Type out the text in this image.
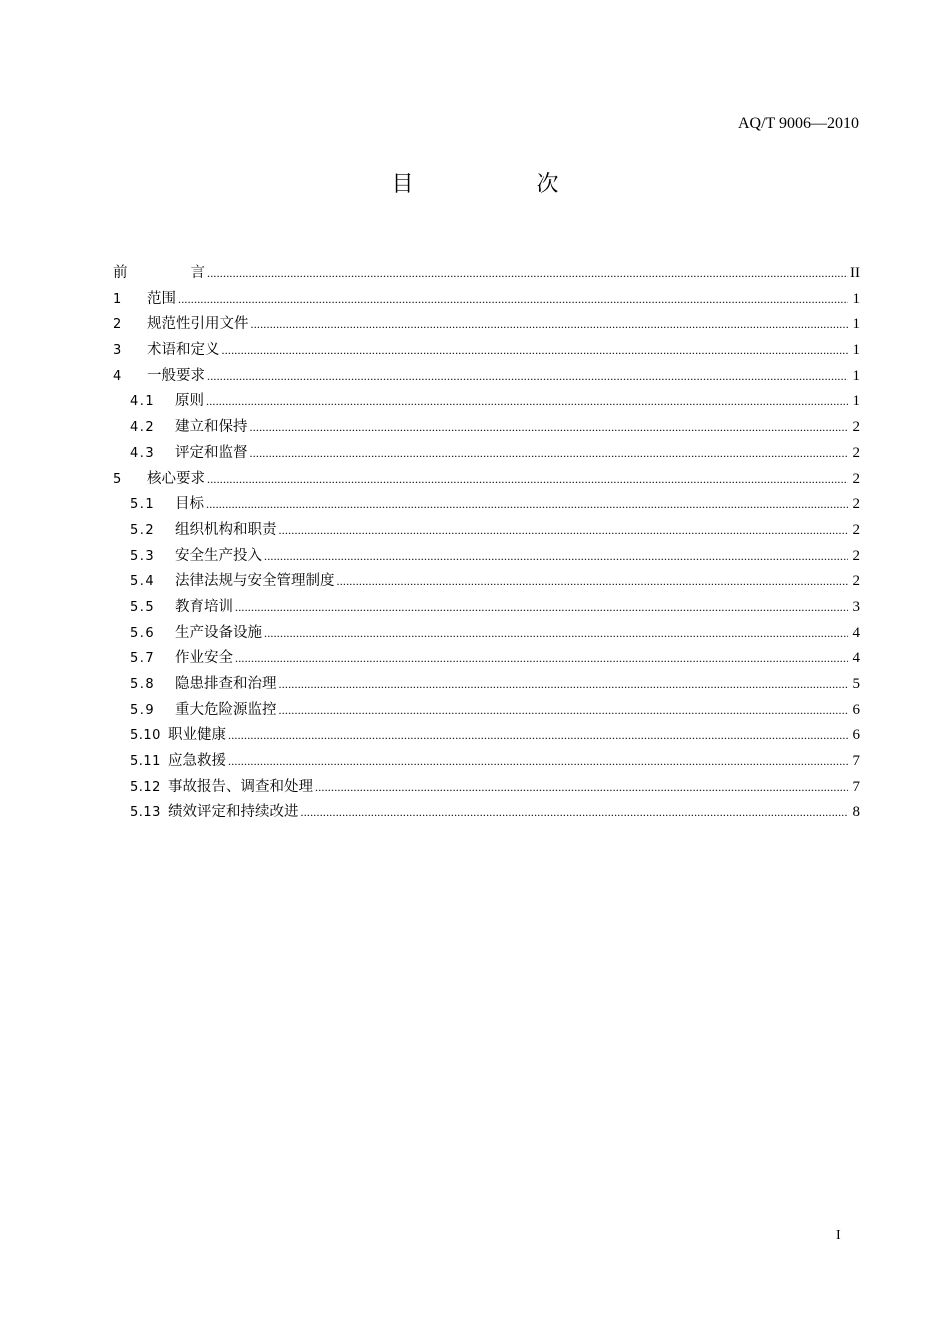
AQ/T 9006—2010
目 次
前 言 .....	II
1	范围 .....	1
2	规范性引用文件 .....	1
3	术语和定义 .....	1
4	一般要求 .....	1
4.1	原则 .....	1
4.2	建立和保持 .....	2
4.3	评定和监督 .....	2
5	核心要求 .....	2
5.1	目标 .....	2
5.2	组织机构和职责 .....	2
5.3	安全生产投入 .....	2
5.4	法律法规与安全管理制度 .....	2
5.5	教育培训 .....	3
5.6	生产设备设施 .....	4
5.7	作业安全 .....	4
5.8	隐患排查和治理 .....	5
5.9	重大危险源监控 .....	6
5.10 职业健康 .....	6
5.11 应急救援 .....	7
5.12 事故报告、调查和处理 .....	7
5.13 绩效评定和持续改进 .....	8
I
